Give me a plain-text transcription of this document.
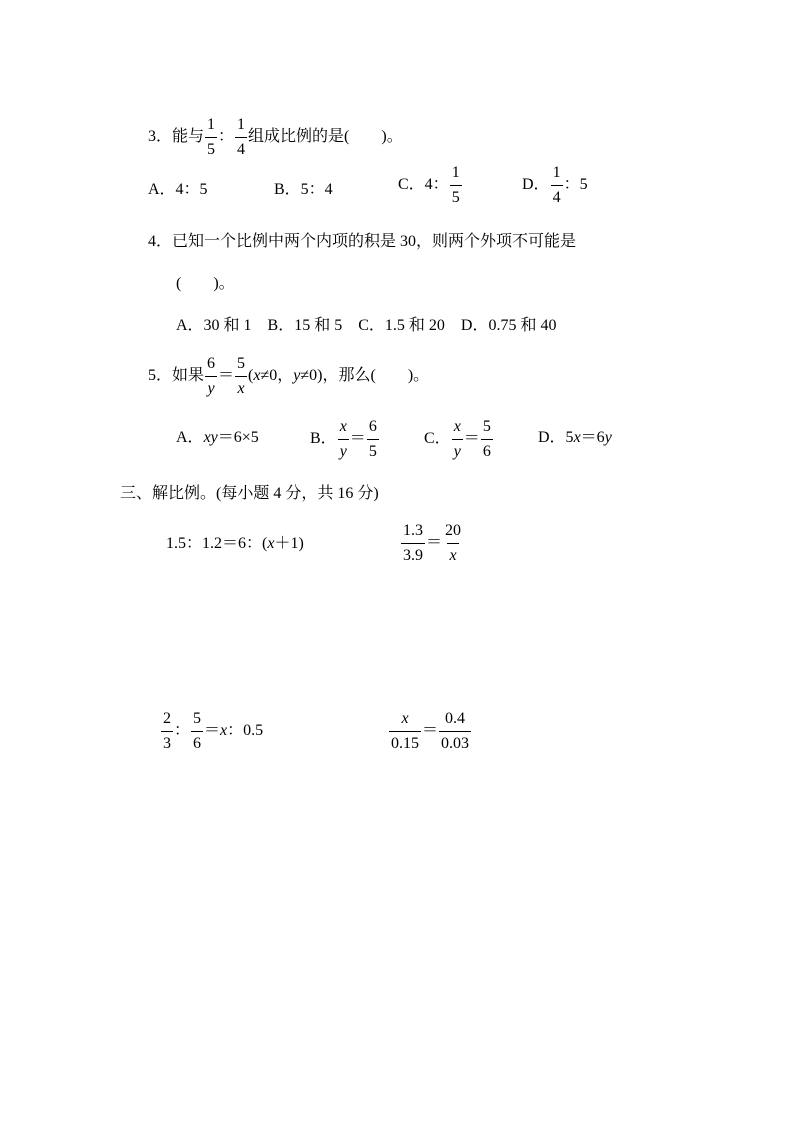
3．能与 $\frac{1}{5}$ ： $\frac{1}{4}$ 组成比例的是(　　)。
A．4：5	B．5：4	C．4： $\frac{1}{5}$	D． $\frac{1}{4}$ ：5
4．已知一个比例中两个内项的积是 30，则两个外项不可能是
(　　)。
A．30 和 1　B．15 和 5　C．1.5 和 20　D．0.75 和 40
5．如果 $\frac{6}{y} = \frac{5}{x} (x\ne 0$，y≠0)，那么(　　)。
A．xy＝6×5	B． $\frac{x}{y} = \frac{6}{5}$	C． $\frac{x}{y} = \frac{5}{6}$	D．5x＝6y
三、解比例。(每小题 4 分，共 16 分)
1.5：1.2＝6：(x＋1)	$\frac{1.3}{3.9} = \frac{20}{x}$
$\frac{2}{3}$ ： $\frac{5}{6} =x$：0.5	$\frac{x}{0.15} = \frac{0.4}{0.03}$
